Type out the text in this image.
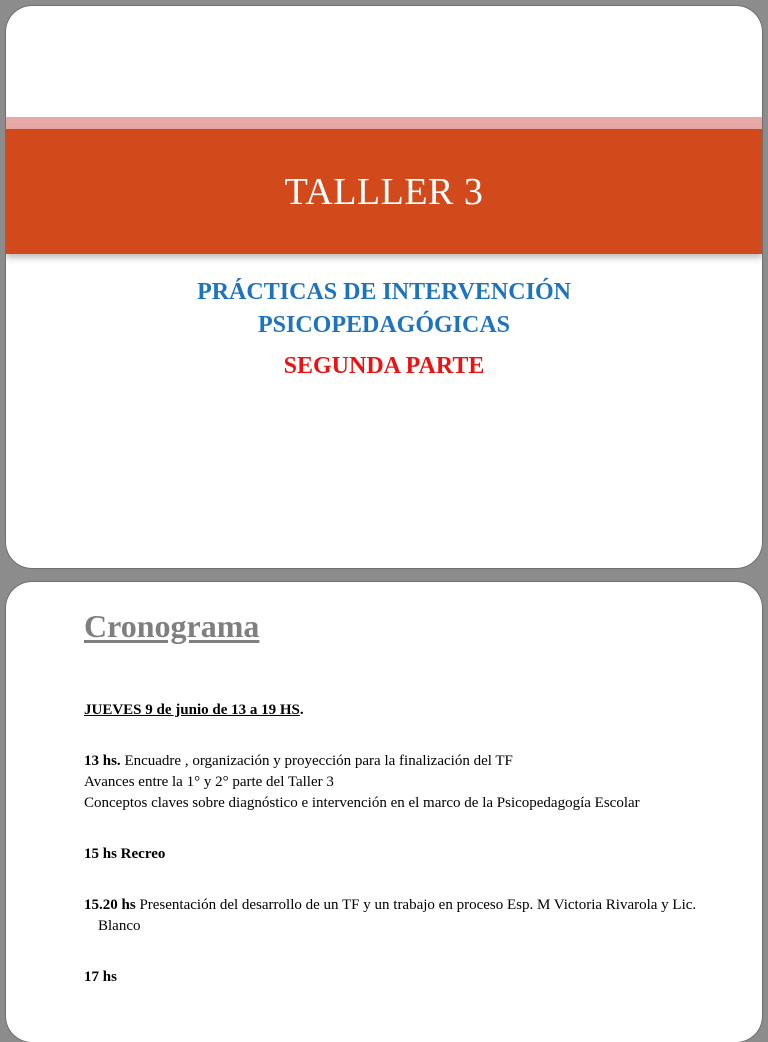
TALLLER 3
PRÁCTICAS DE INTERVENCIÓN
PSICOPEDAGÓGICAS
SEGUNDA PARTE
Cronograma

JUEVES 9 de junio de 13 a 19 HS.

13 hs. Encuadre , organización y proyección para la finalización del TF

Avances entre la 1° y 2° parte del Taller 3

Conceptos claves sobre diagnóstico e intervención en el marco de la Psicopedagogía Escolar

15 hs Recreo

15.20 hs Presentación del desarrollo de un TF y un trabajo en proceso Esp. M Victoria Rivarola y Lic. Blanco

17 hs
